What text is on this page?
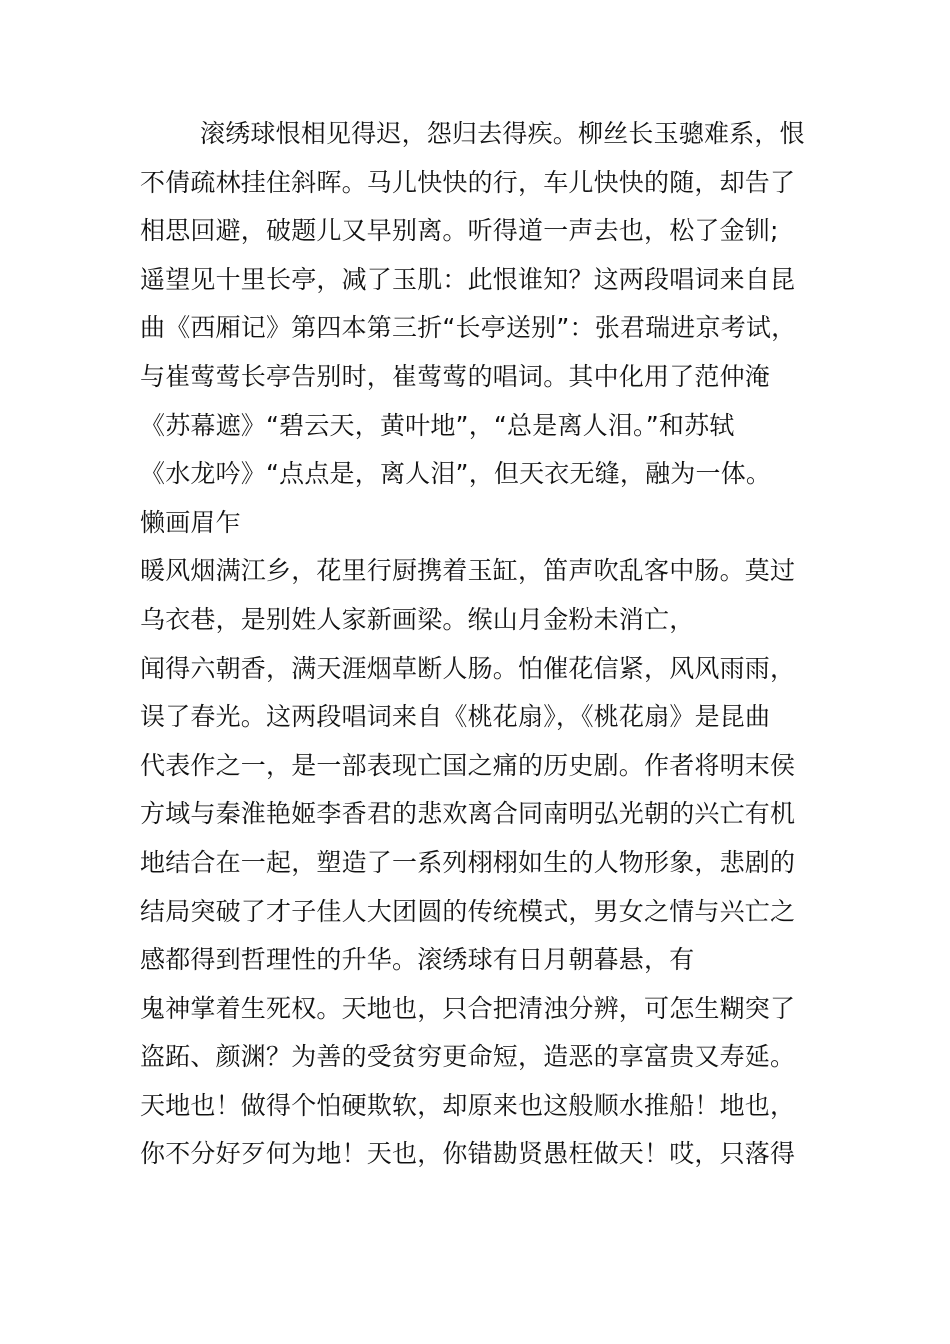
滚绣球恨相见得迟，怨归去得疾。柳丝长玉骢难系，恨
不倩疏林挂住斜晖。马儿快快的行，车儿快快的随，却告了
相思回避，破题儿又早别离。听得道一声去也，松了金钏;
遥望见十里长亭，减了玉肌：此恨谁知？这两段唱词来自昆
曲《西厢记》第四本第三折“长亭送别”：张君瑞进京考试，
与崔莺莺长亭告别时，崔莺莺的唱词。其中化用了范仲淹
《苏幕遮》“碧云天，黄叶地”，“总是离人泪。”和苏轼
《水龙吟》“点点是，离人泪”，但天衣无缝，融为一体。
懒画眉乍
暖风烟满江乡，花里行厨携着玉缸，笛声吹乱客中肠。莫过
乌衣巷，是别姓人家新画梁。缑山月金粉未消亡，
闻得六朝香，满天涯烟草断人肠。怕催花信紧，风风雨雨，
误了春光。这两段唱词来自《桃花扇》，《桃花扇》是昆曲
代表作之一，是一部表现亡国之痛的历史剧。作者将明末侯
方域与秦淮艳姬李香君的悲欢离合同南明弘光朝的兴亡有机
地结合在一起，塑造了一系列栩栩如生的人物形象，悲剧的
结局突破了才子佳人大团圆的传统模式，男女之情与兴亡之
感都得到哲理性的升华。滚绣球有日月朝暮悬，有
鬼神掌着生死权。天地也，只合把清浊分辨，可怎生糊突了
盗跖、颜渊？为善的受贫穷更命短，造恶的享富贵又寿延。
天地也！做得个怕硬欺软，却原来也这般顺水推船！地也，
你不分好歹何为地！天也，你错勘贤愚枉做天！哎，只落得
